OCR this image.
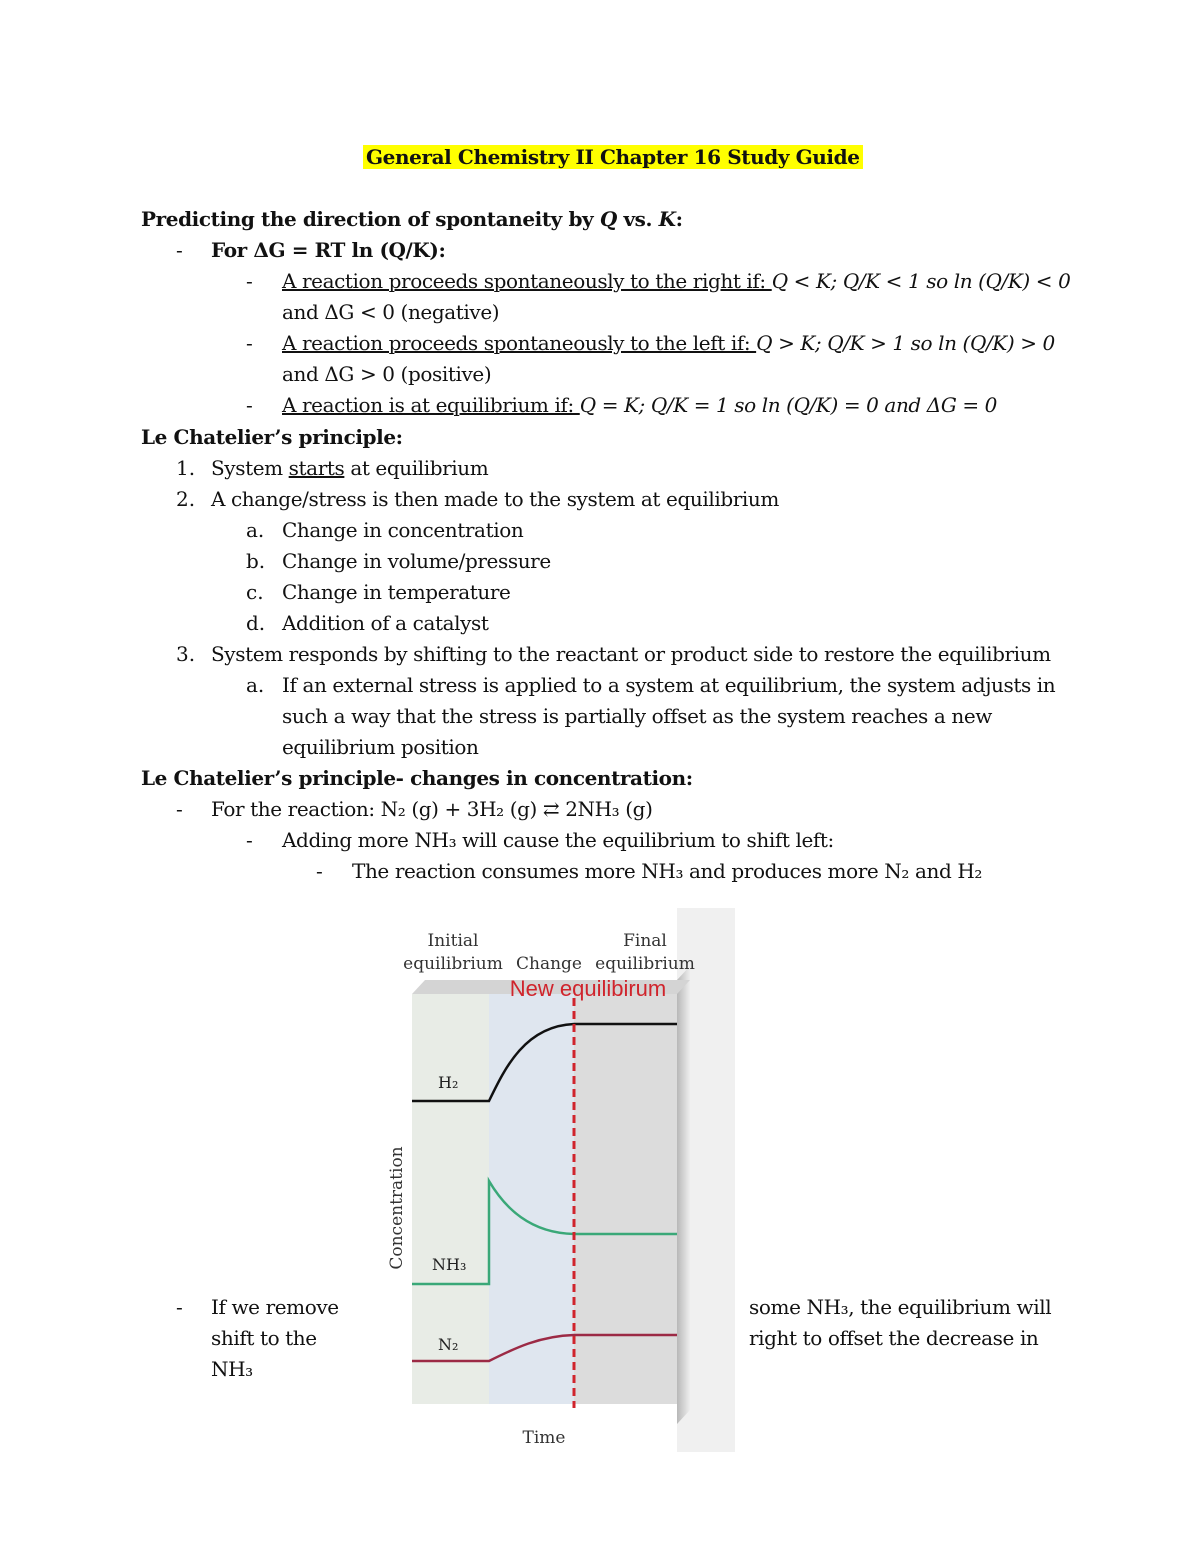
General Chemistry II Chapter 16 Study Guide
Predicting the direction of spontaneity by Q vs. K:
- For ΔG = RT ln (Q/K):
- A reaction proceeds spontaneously to the right if: Q < K; Q/K < 1 so ln (Q/K) < 0
and ΔG < 0 (negative)
- A reaction proceeds spontaneously to the left if: Q > K; Q/K > 1 so ln (Q/K) > 0
and ΔG > 0 (positive)
- A reaction is at equilibrium if: Q = K; Q/K = 1 so ln (Q/K) = 0 and ΔG = 0
Le Chatelier’s principle:
1. System starts at equilibrium
2. A change/stress is then made to the system at equilibrium
a. Change in concentration
b. Change in volume/pressure
c. Change in temperature
d. Addition of a catalyst
3. System responds by shifting to the reactant or product side to restore the equilibrium
a. If an external stress is applied to a system at equilibrium, the system adjusts in
such a way that the stress is partially offset as the system reaches a new
equilibrium position
Le Chatelier’s principle- changes in concentration:
- For the reaction: N₂ (g) + 3H₂ (g) ⇄ 2NH₃ (g)
- Adding more NH₃ will cause the equilibrium to shift left:
- The reaction consumes more NH₃ and produces more N₂ and H₂
- If we remove
shift to the
NH₃
some NH₃, the equilibrium will
right to offset the decrease in
Initial
equilibrium Change
Final
equilibrium
New equilibirum
H₂
NH₃
N₂
Concentration
Time
